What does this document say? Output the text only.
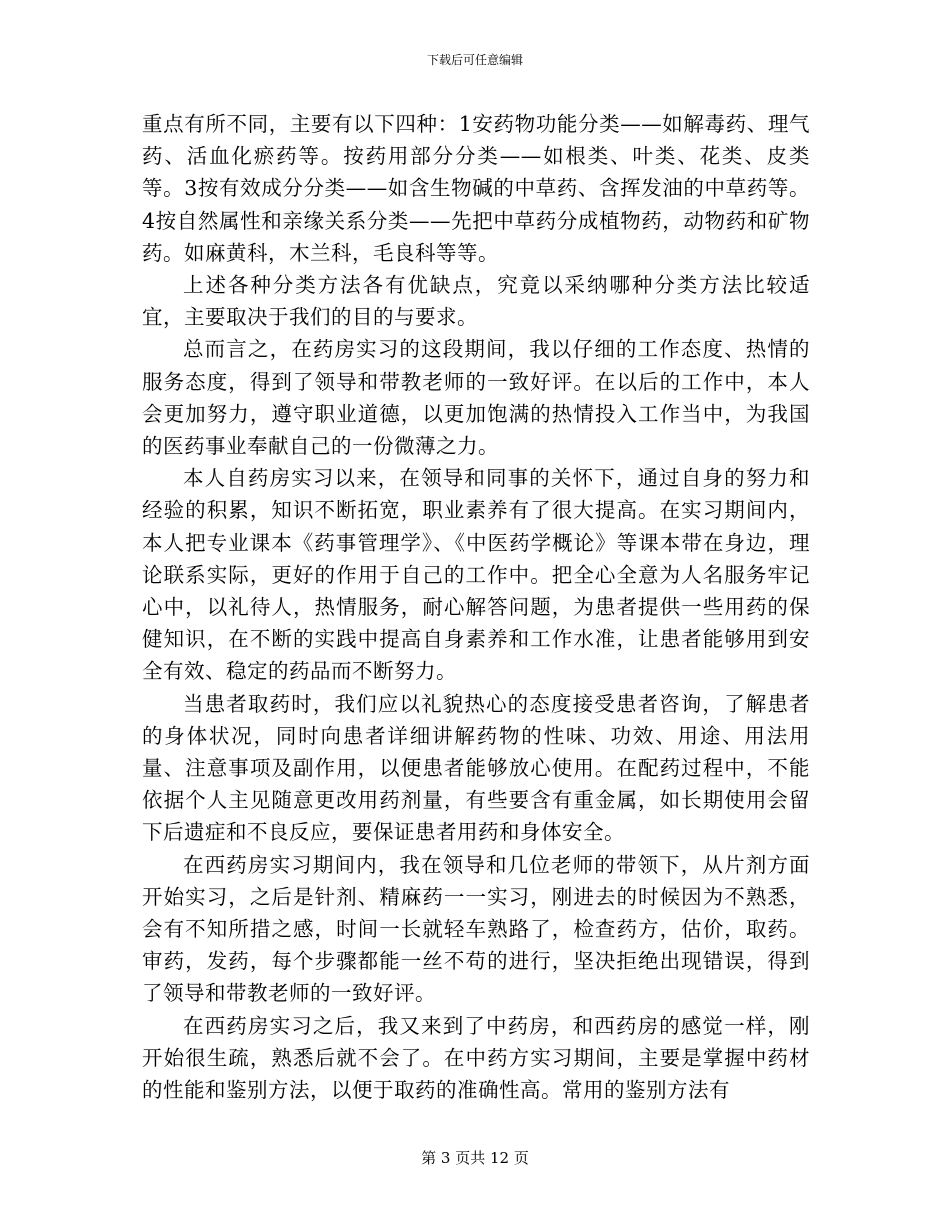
下载后可任意编辑

重点有所不同，主要有以下四种：1安药物功能分类——如解毒药、理气药、活血化瘀药等。按药用部分分类——如根类、叶类、花类、皮类等。3按有效成分分类——如含生物碱的中草药、含挥发油的中草药等。4按自然属性和亲缘关系分类——先把中草药分成植物药，动物药和矿物药。如麻黄科，木兰科，毛良科等等。

上述各种分类方法各有优缺点，究竟以采纳哪种分类方法比较适宜，主要取决于我们的目的与要求。

总而言之，在药房实习的这段期间，我以仔细的工作态度、热情的服务态度，得到了领导和带教老师的一致好评。在以后的工作中，本人会更加努力，遵守职业道德，以更加饱满的热情投入工作当中，为我国的医药事业奉献自己的一份微薄之力。

本人自药房实习以来，在领导和同事的关怀下，通过自身的努力和经验的积累，知识不断拓宽，职业素养有了很大提高。在实习期间内，本人把专业课本《药事管理学》、《中医药学概论》等课本带在身边，理论联系实际，更好的作用于自己的工作中。把全心全意为人名服务牢记心中，以礼待人，热情服务，耐心解答问题，为患者提供一些用药的保健知识，在不断的实践中提高自身素养和工作水准，让患者能够用到安全有效、稳定的药品而不断努力。

当患者取药时，我们应以礼貌热心的态度接受患者咨询，了解患者的身体状况，同时向患者详细讲解药物的性味、功效、用途、用法用量、注意事项及副作用，以便患者能够放心使用。在配药过程中，不能依据个人主见随意更改用药剂量，有些要含有重金属，如长期使用会留下后遗症和不良反应，要保证患者用药和身体安全。

在西药房实习期间内，我在领导和几位老师的带领下，从片剂方面开始实习，之后是针剂、精麻药一一实习，刚进去的时候因为不熟悉，会有不知所措之感，时间一长就轻车熟路了，检查药方，估价，取药。审药，发药，每个步骤都能一丝不苟的进行，坚决拒绝出现错误，得到了领导和带教老师的一致好评。

在西药房实习之后，我又来到了中药房，和西药房的感觉一样，刚开始很生疏，熟悉后就不会了。在中药方实习期间，主要是掌握中药材的性能和鉴别方法，以便于取药的准确性高。常用的鉴别方法有

第 3 页共 12 页
